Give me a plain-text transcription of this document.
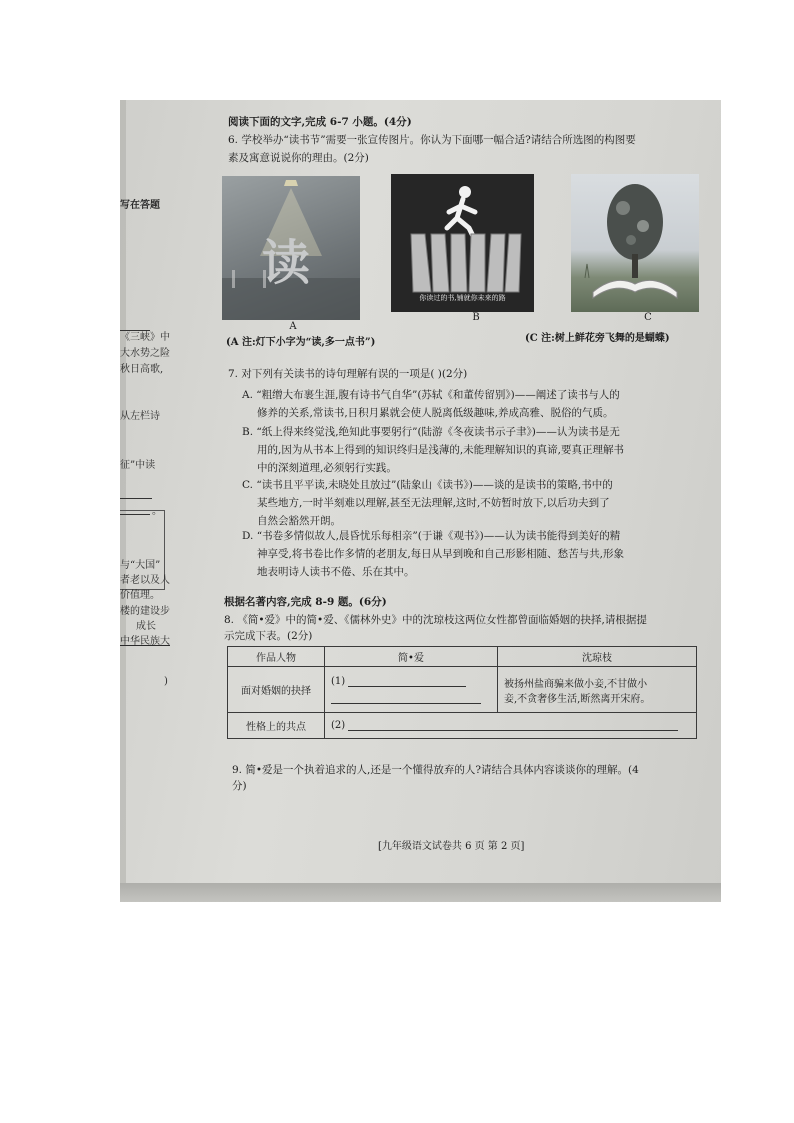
写在答题
《三峡》中
大水势之险
秋日高歌,
从左栏诗
征”中读
。
与“大国”
者老以及人
价值理。
楼的建设步
成长
中华民族大
)
阅读下面的文字,完成 6-7 小题。(4分)
6. 学校举办“读书节”需要一张宣传图片。你认为下面哪一幅合适?请结合所选图的构图要
素及寓意说说你的理由。(2分)
读
A
你读过的书,铺就你未来的路
B	C
(A 注:灯下小字为“读,多一点书”)	(C 注:树上鲜花旁飞舞的是蝴蝶)
7. 对下列有关读书的诗句理解有误的一项是( )(2分)
A. “粗缯大布裹生涯,腹有诗书气自华”(苏轼《和董传留别》)——阐述了读书与人的
修养的关系,常读书,日积月累就会使人脱离低级趣味,养成高雅、脱俗的气质。
B. “纸上得来终觉浅,绝知此事要躬行”(陆游《冬夜读书示子聿》)——认为读书是无
用的,因为从书本上得到的知识终归是浅薄的,未能理解知识的真谛,要真正理解书
中的深刻道理,必须躬行实践。
C. “读书且平平读,未晓处且放过”(陆象山《读书》)——谈的是读书的策略,书中的
某些地方,一时半刻难以理解,甚至无法理解,这时,不妨暂时放下,以后功夫到了
自然会豁然开朗。
D. “书卷多情似故人,晨昏忧乐每相亲”(于谦《观书》)——认为读书能得到美好的精
神享受,将书卷比作多情的老朋友,每日从早到晚和自己形影相随、愁苦与共,形象
地表明诗人读书不倦、乐在其中。
根据名著内容,完成 8-9 题。(6分)
8. 《简•爱》中的简•爱、《儒林外史》中的沈琼枝这两位女性都曾面临婚姻的抉择,请根据提
示完成下表。(2分)
作品人物	简•爱	沈琼枝
面对婚姻的抉择	(1)	被扬州盐商骗来做小妾,不甘做小
妾,不贪奢侈生活,断然离开宋府。

性格上的共点	(2)	
9. 简•爱是一个执着追求的人,还是一个懂得放弃的人?请结合具体内容谈谈你的理解。(4
分)
[九年级语文试卷共 6 页 第 2 页]
